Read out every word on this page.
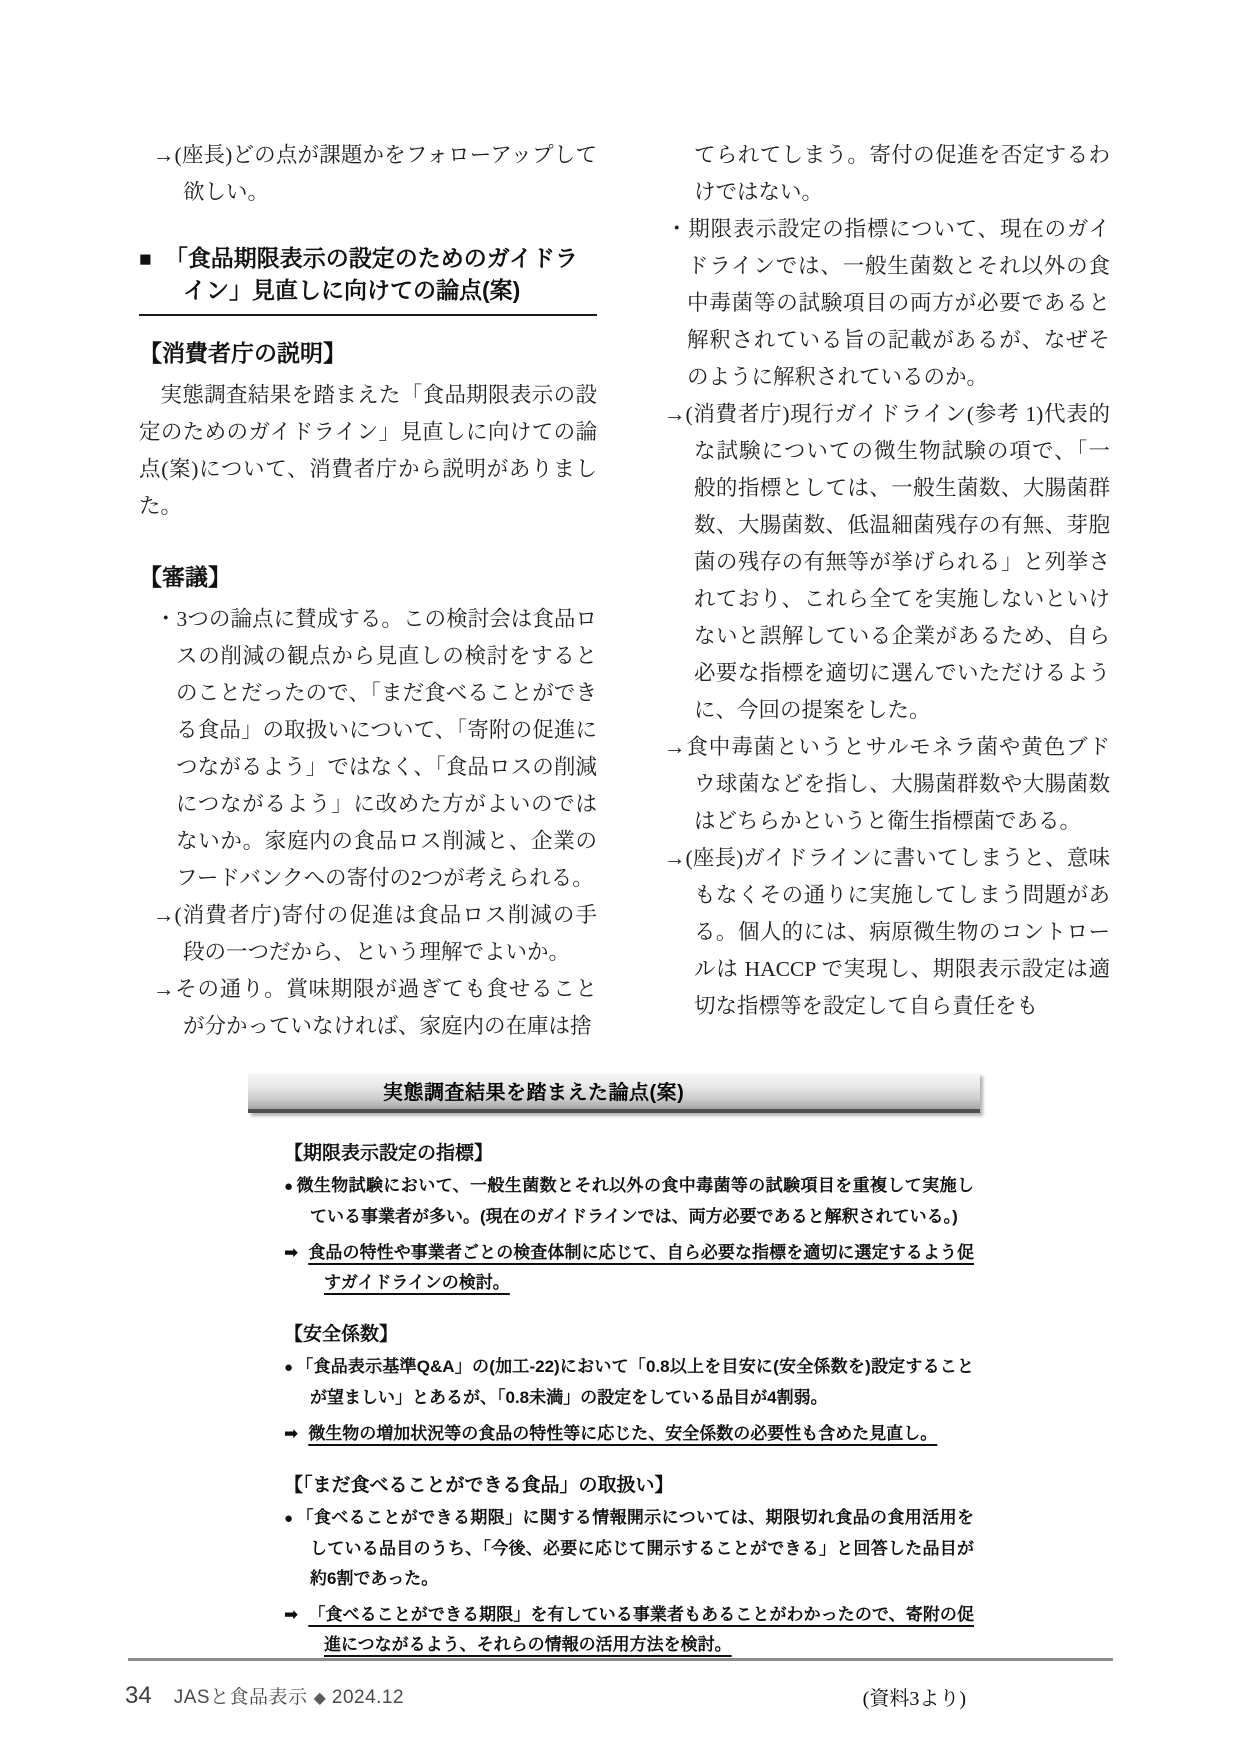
→(座長)どの点が課題かをフォローアップして欲しい。

■ 「食品期限表示の設定のためのガイドライン」見直しに向けての論点(案)

【消費者庁の説明】

実態調査結果を踏まえた「食品期限表示の設定のためのガイドライン」見直しに向けての論点(案)について、消費者庁から説明がありました。

【審議】

・3つの論点に賛成する。この検討会は食品ロスの削減の観点から見直しの検討をするとのことだったので、「まだ食べることができる食品」の取扱いについて、「寄附の促進につながるよう」ではなく、「食品ロスの削減につながるよう」に改めた方がよいのではないか。家庭内の食品ロス削減と、企業のフードバンクへの寄付の2つが考えられる。

→(消費者庁)寄付の促進は食品ロス削減の手段の一つだから、という理解でよいか。

→その通り。賞味期限が過ぎても食せることが分かっていなければ、家庭内の在庫は捨

てられてしまう。寄付の促進を否定するわけではない。

・期限表示設定の指標について、現在のガイドラインでは、一般生菌数とそれ以外の食中毒菌等の試験項目の両方が必要であると解釈されている旨の記載があるが、なぜそのように解釈されているのか。

→(消費者庁)現行ガイドライン(参考 1)代表的な試験についての微生物試験の項で、「一般的指標としては、一般生菌数、大腸菌群数、大腸菌数、低温細菌残存の有無、芽胞菌の残存の有無等が挙げられる」と列挙されており、これら全てを実施しないといけないと誤解している企業があるため、自ら必要な指標を適切に選んでいただけるように、今回の提案をした。

→食中毒菌というとサルモネラ菌や黄色ブドウ球菌などを指し、大腸菌群数や大腸菌数はどちらかというと衛生指標菌である。

→(座長)ガイドラインに書いてしまうと、意味もなくその通りに実施してしまう問題がある。個人的には、病原微生物のコントロールは HACCP で実現し、期限表示設定は適切な指標等を設定して自ら責任をも

実態調査結果を踏まえた論点(案)

【期限表示設定の指標】

● 微生物試験において、一般生菌数とそれ以外の食中毒菌等の試験項目を重複して実施している事業者が多い。(現在のガイドラインでは、両方必要であると解釈されている。)

➡ 食品の特性や事業者ごとの検査体制に応じて、自ら必要な指標を適切に選定するよう促すガイドラインの検討。

【安全係数】

● 「食品表示基準Q&A」の(加工-22)において「0.8以上を目安に(安全係数を)設定することが望ましい」とあるが、「0.8未満」の設定をしている品目が4割弱。

➡ 微生物の増加状況等の食品の特性等に応じた、安全係数の必要性も含めた見直し。

【「まだ食べることができる食品」の取扱い】

● 「食べることができる期限」に関する情報開示については、期限切れ食品の食用活用をしている品目のうち、「今後、必要に応じて開示することができる」と回答した品目が約6割であった。

➡ 「食べることができる期限」を有している事業者もあることがわかったので、寄附の促進につながるよう、それらの情報の活用方法を検討。

(資料3より)

34 JASと食品表示 ◆ 2024.12
